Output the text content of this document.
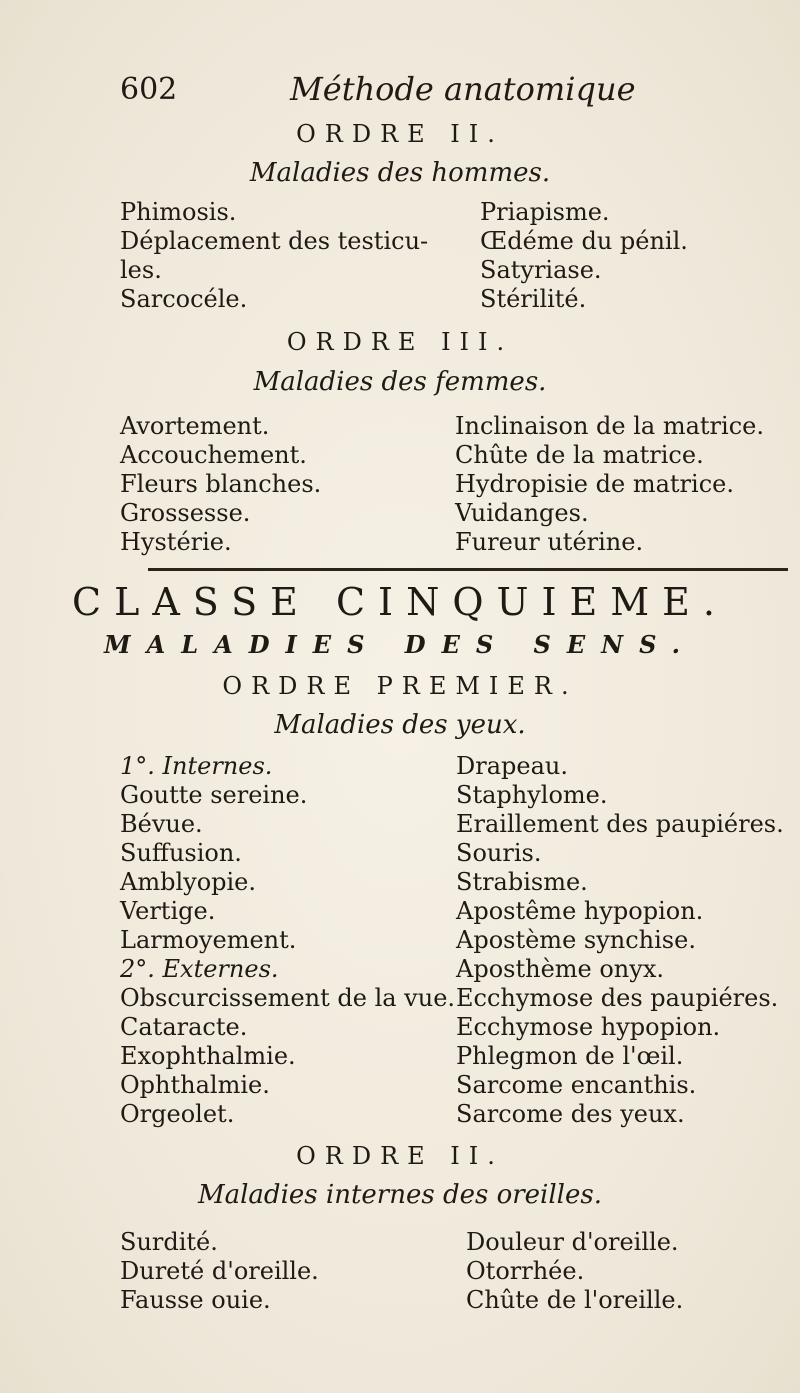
602	Méthode anatomique
ORDRE II.
Maladies des hommes.
Phimosis.
Déplacement des testicu-
les.
Sarcocéle.
Priapisme.
Œdéme du pénil.
Satyriase.
Stérilité.
ORDRE III.
Maladies des femmes.
Avortement.
Accouchement.
Fleurs blanches.
Grossesse.
Hystérie.
Inclinaison de la matrice.
Chûte de la matrice.
Hydropisie de matrice.
Vuidanges.
Fureur utérine.
CLASSE CINQUIEME.
MALADIES DES SENS.
ORDRE PREMIER.
Maladies des yeux.
1°. Internes.
Goutte sereine.
Bévue.
Suffusion.
Amblyopie.
Vertige.
Larmoyement.
2°. Externes.
Obscurcissement de la vue.
Cataracte.
Exophthalmie.
Ophthalmie.
Orgeolet.
Drapeau.
Staphylome.
Eraillement des paupiéres.
Souris.
Strabisme.
Apostême hypopion.
Apostème synchise.
Aposthème onyx.
Ecchymose des paupiéres.
Ecchymose hypopion.
Phlegmon de l'œil.
Sarcome encanthis.
Sarcome des yeux.
ORDRE II.
Maladies internes des oreilles.
Surdité.
Dureté d'oreille.
Fausse ouie.
Douleur d'oreille.
Otorrhée.
Chûte de l'oreille.
